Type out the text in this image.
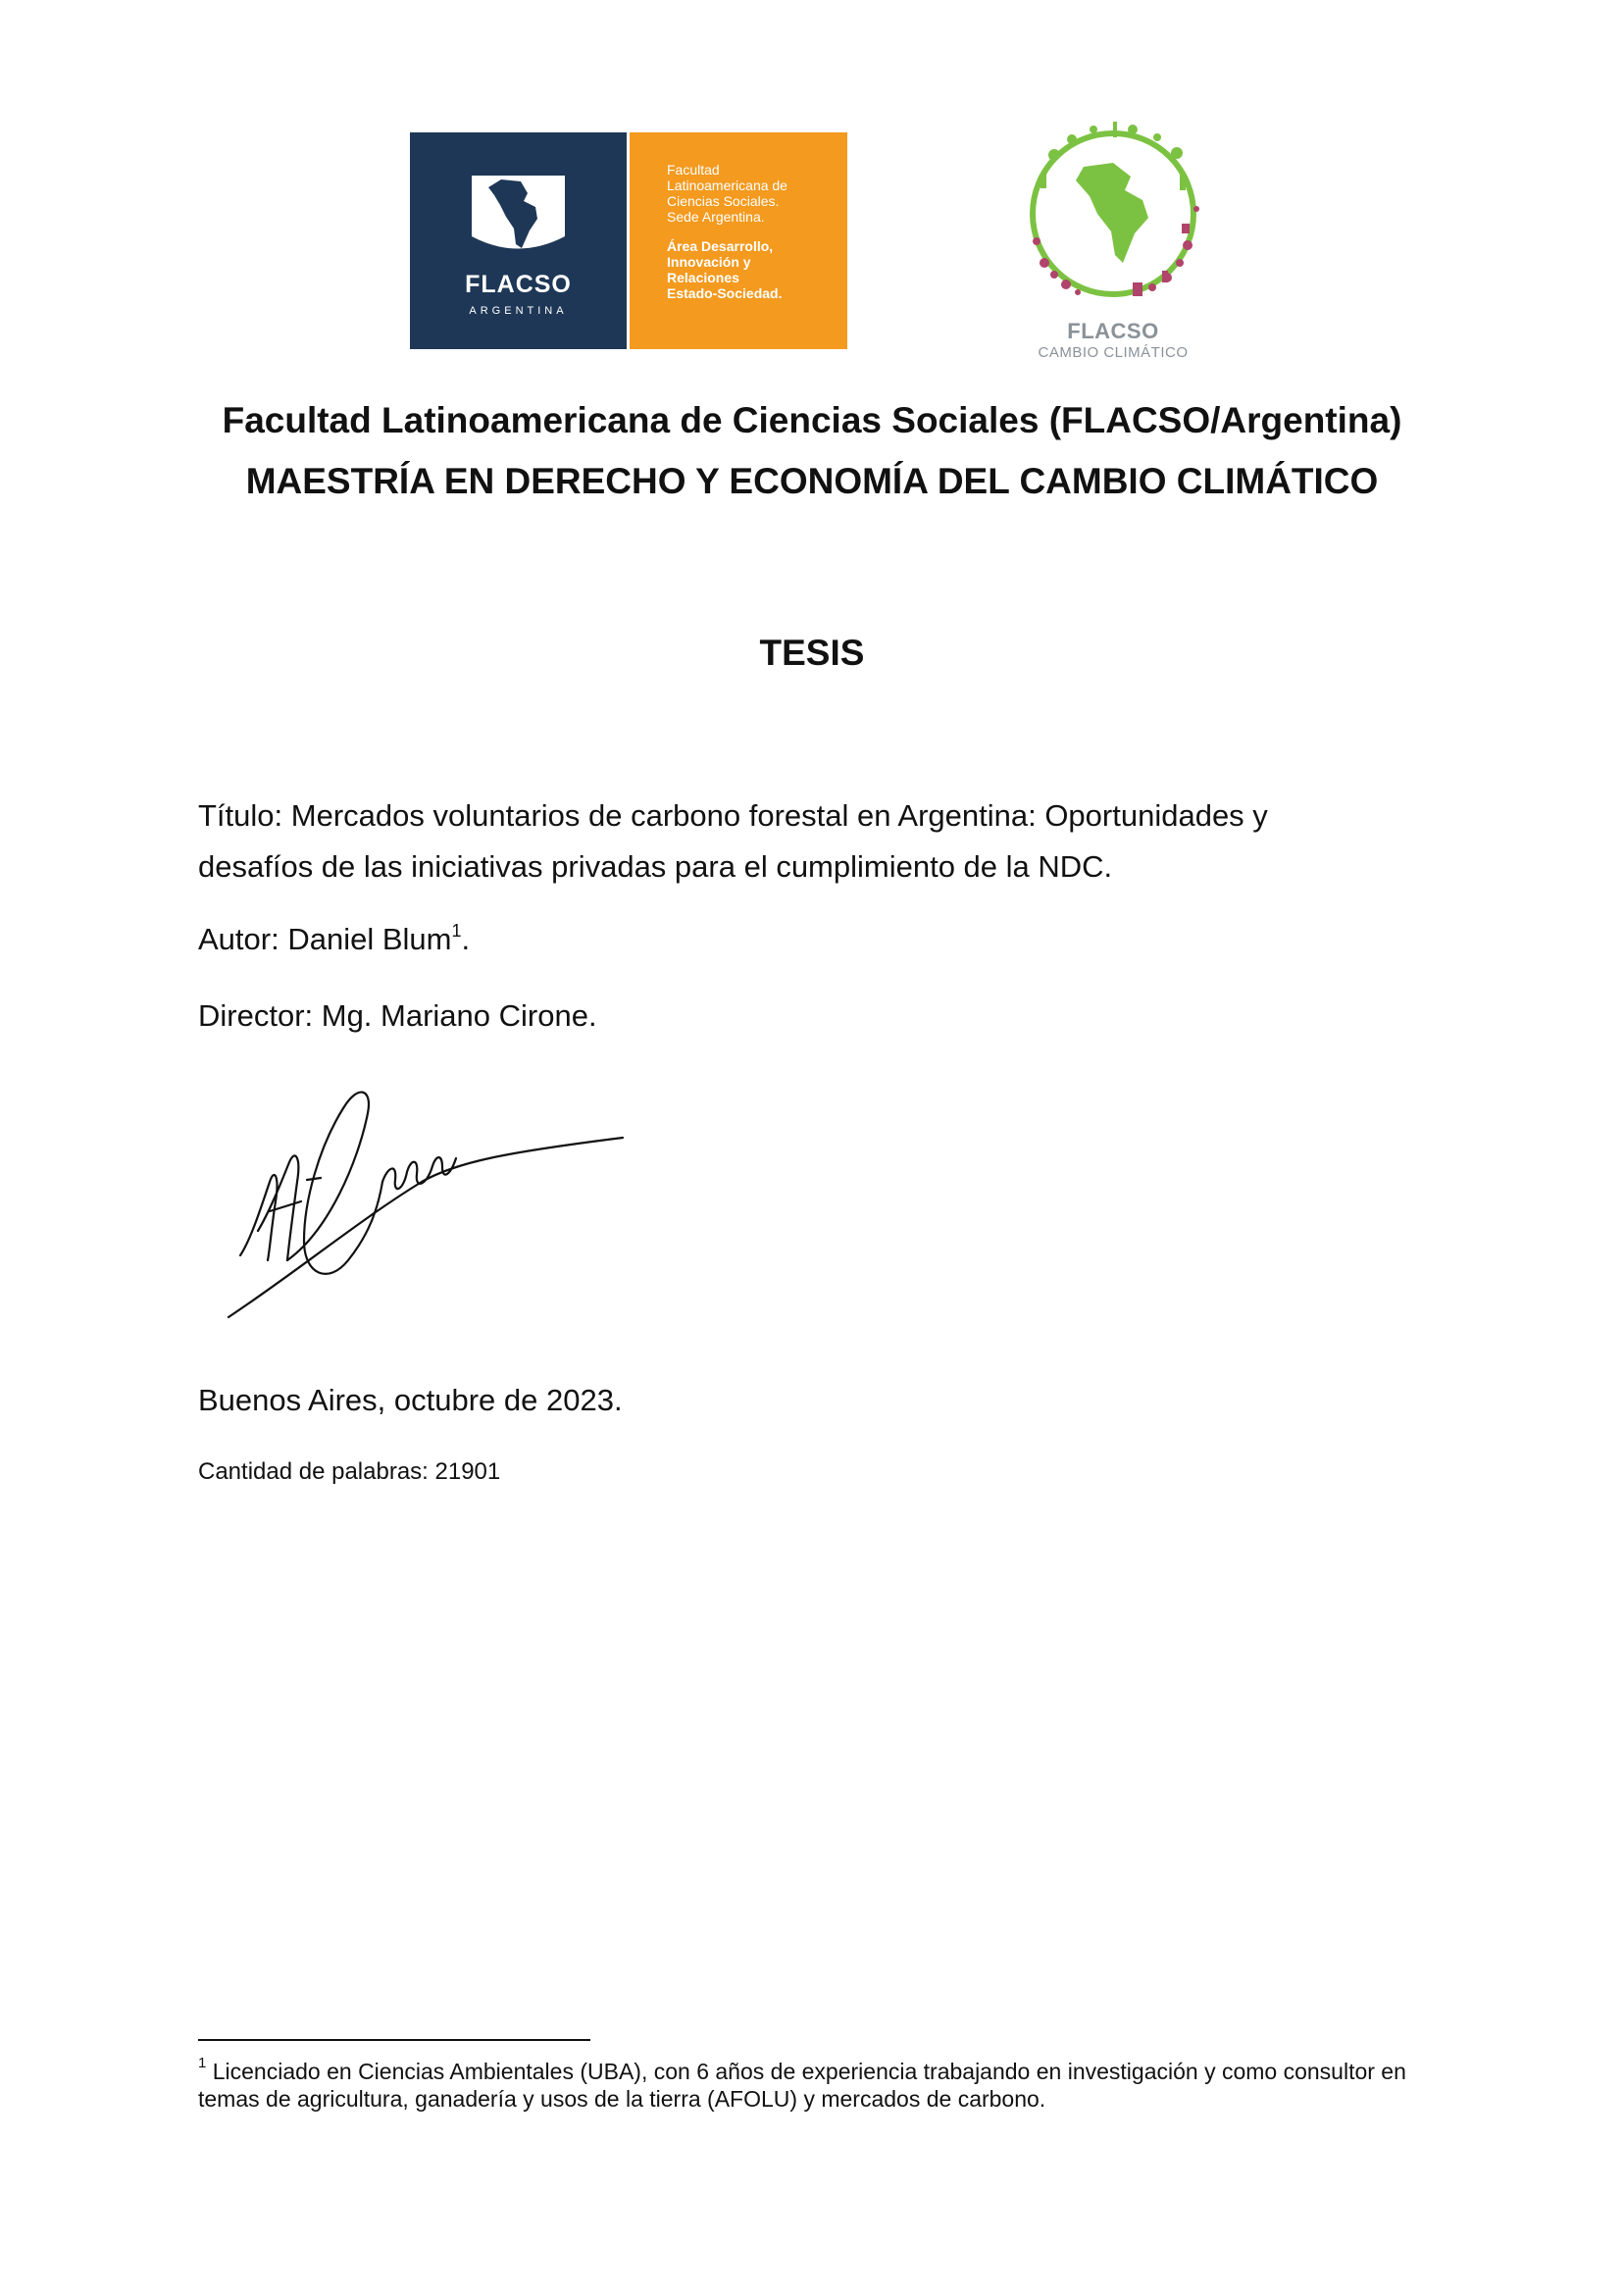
FLACSO
ARGENTINA
Facultad
Latinoamericana de
Ciencias Sociales.
Sede Argentina.
Área Desarrollo,
Innovación y
Relaciones
Estado-Sociedad.
FLACSO
CAMBIO CLIMÁTICO
Facultad Latinoamericana de Ciencias Sociales (FLACSO/Argentina)
MAESTRÍA EN DERECHO Y ECONOMÍA DEL CAMBIO CLIMÁTICO
TESIS
Título: Mercados voluntarios de carbono forestal en Argentina: Oportunidades y
desafíos de las iniciativas privadas para el cumplimiento de la NDC.
Autor: Daniel Blum$^1$.
Director: Mg. Mariano Cirone.
Buenos Aires, octubre de 2023.
Cantidad de palabras: 21901
$^1$ Licenciado en Ciencias Ambientales (UBA), con 6 años de experiencia trabajando en investigación y como consultor en temas de agricultura, ganadería y usos de la tierra (AFOLU) y mercados de carbono.
